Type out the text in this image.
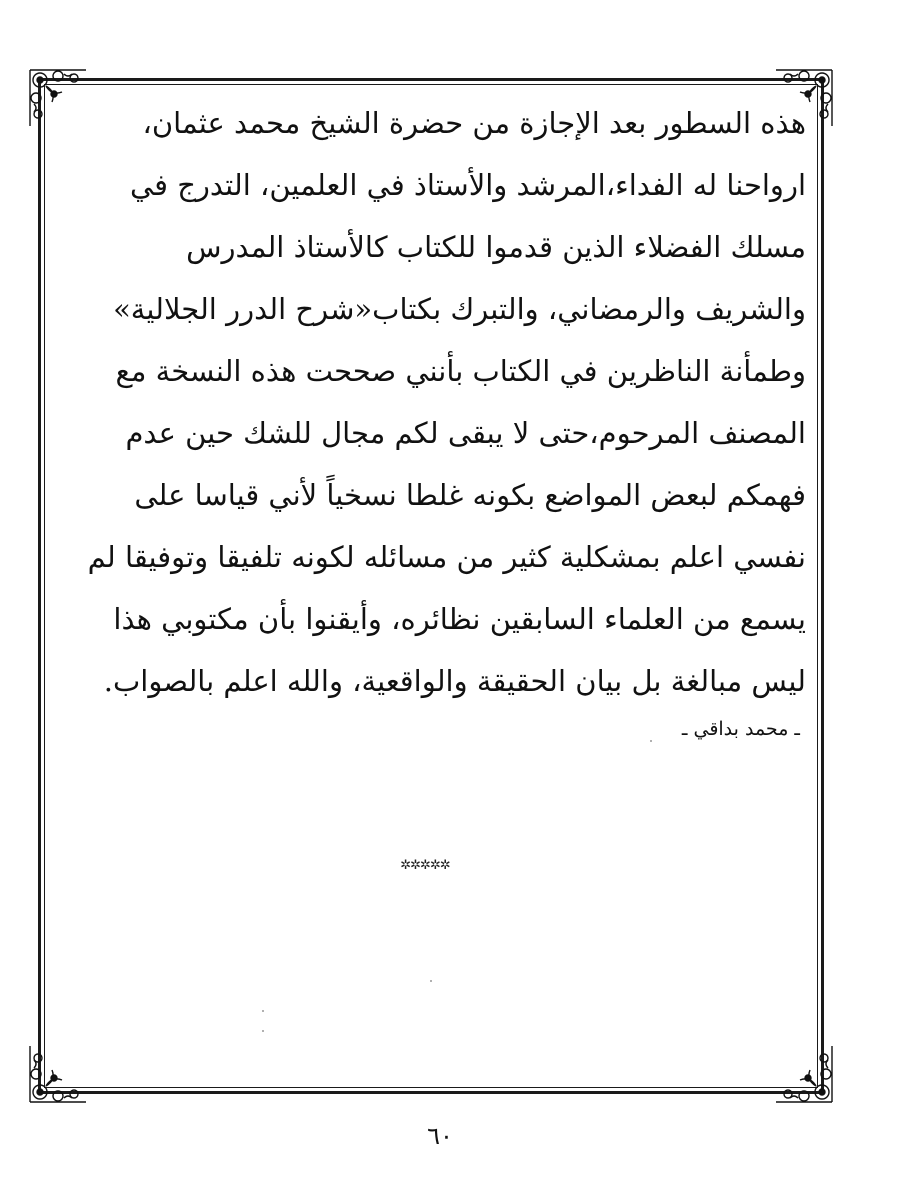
هذه السطور بعد الإجازة من حضرة الشيخ محمد عثمان،

ارواحنا له الفداء،المرشد والأستاذ في العلمين، التدرج في

مسلك الفضلاء الذين قدموا للكتاب كالأستاذ المدرس

والشريف والرمضاني، والتبرك بكتاب«شرح الدرر الجلالية»

وطمأنة الناظرين في الكتاب بأنني صححت هذه النسخة مع

المصنف المرحوم،حتى لا يبقى لكم مجال للشك حين عدم

فهمكم لبعض المواضع بكونه غلطا نسخياً لأني قياسا على

نفسي اعلم بمشكلية كثير من مسائله لكونه تلفيقا وتوفيقا لم

يسمع من العلماء السابقين نظائره، وأيقنوا بأن مكتوبي هذا

ليس مبالغة بل بيان الحقيقة والواقعية، والله اعلم بالصواب.

ـ محمد بداقي ـ
✲✲✲✲✲
٦٠
